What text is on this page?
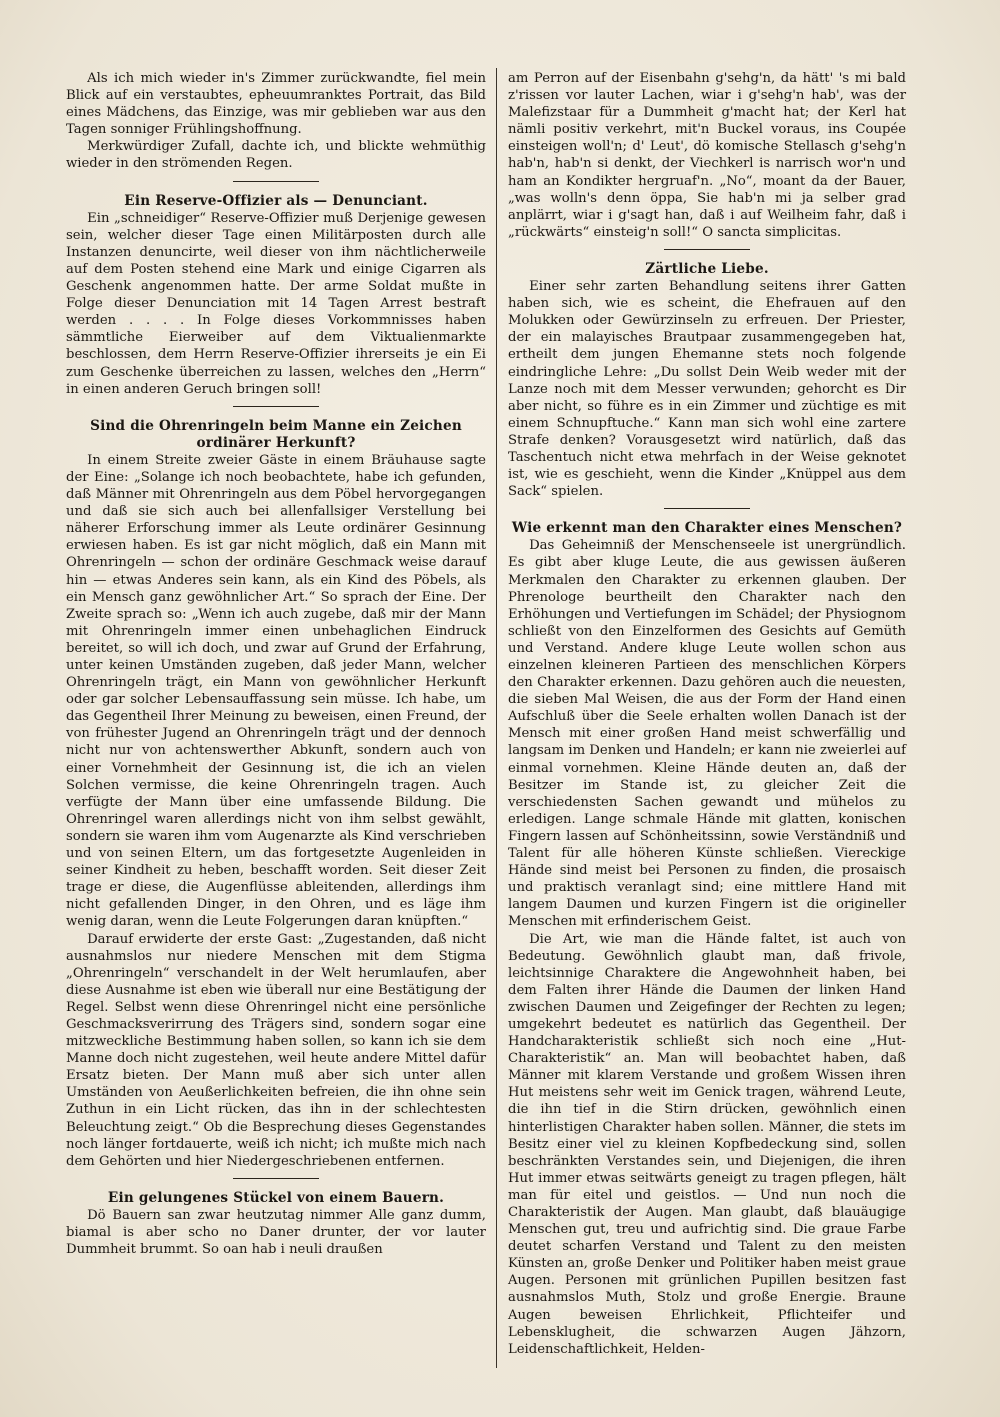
Als ich mich wieder in's Zimmer zurückwandte, fiel mein Blick auf ein verstaubtes, epheuumranktes Portrait, das Bild eines Mädchens, das Einzige, was mir geblieben war aus den Tagen sonniger Frühlingshoffnung.

Merkwürdiger Zufall, dachte ich, und blickte wehmüthig wieder in den strömenden Regen.

Ein Reserve-Offizier als — Denunciant.

Ein „schneidiger“ Reserve-Offizier muß Derjenige gewesen sein, welcher dieser Tage einen Militärposten durch alle Instanzen denuncirte, weil dieser von ihm nächtlicherweile auf dem Posten stehend eine Mark und einige Cigarren als Geschenk angenommen hatte. Der arme Soldat mußte in Folge dieser Denunciation mit 14 Tagen Arrest bestraft werden . . . . In Folge dieses Vorkommnisses haben sämmtliche Eierweiber auf dem Viktualienmarkte beschlossen, dem Herrn Reserve-Offizier ihrerseits je ein Ei zum Geschenke überreichen zu lassen, welches den „Herrn“ in einen anderen Geruch bringen soll!

Sind die Ohrenringeln beim Manne ein Zeichen
ordinärer Herkunft?

In einem Streite zweier Gäste in einem Bräuhause sagte der Eine: „Solange ich noch beobachtete, habe ich gefunden, daß Männer mit Ohrenringeln aus dem Pöbel hervorgegangen und daß sie sich auch bei allenfallsiger Verstellung bei näherer Erforschung immer als Leute ordinärer Gesinnung erwiesen haben. Es ist gar nicht möglich, daß ein Mann mit Ohrenringeln — schon der ordinäre Geschmack weise darauf hin — etwas Anderes sein kann, als ein Kind des Pöbels, als ein Mensch ganz gewöhnlicher Art.“ So sprach der Eine. Der Zweite sprach so: „Wenn ich auch zugebe, daß mir der Mann mit Ohrenringeln immer einen unbehaglichen Eindruck bereitet, so will ich doch, und zwar auf Grund der Erfahrung, unter keinen Umständen zugeben, daß jeder Mann, welcher Ohrenringeln trägt, ein Mann von gewöhnlicher Herkunft oder gar solcher Lebensauffassung sein müsse. Ich habe, um das Gegentheil Ihrer Meinung zu beweisen, einen Freund, der von frühester Jugend an Ohrenringeln trägt und der dennoch nicht nur von achtenswerther Abkunft, sondern auch von einer Vornehmheit der Gesinnung ist, die ich an vielen Solchen vermisse, die keine Ohrenringeln tragen. Auch verfügte der Mann über eine umfassende Bildung. Die Ohrenringel waren allerdings nicht von ihm selbst gewählt, sondern sie waren ihm vom Augenarzte als Kind verschrieben und von seinen Eltern, um das fortgesetzte Augenleiden in seiner Kindheit zu heben, beschafft worden. Seit dieser Zeit trage er diese, die Augenflüsse ableitenden, allerdings ihm nicht gefallenden Dinger, in den Ohren, und es läge ihm wenig daran, wenn die Leute Folgerungen daran knüpften.“

Darauf erwiderte der erste Gast: „Zugestanden, daß nicht ausnahmslos nur niedere Menschen mit dem Stigma „Ohrenringeln“ verschandelt in der Welt herumlaufen, aber diese Ausnahme ist eben wie überall nur eine Bestätigung der Regel. Selbst wenn diese Ohrenringel nicht eine persönliche Geschmacksverirrung des Trägers sind, sondern sogar eine mitzweckliche Bestimmung haben sollen, so kann ich sie dem Manne doch nicht zugestehen, weil heute andere Mittel dafür Ersatz bieten. Der Mann muß aber sich unter allen Umständen von Aeußerlichkeiten befreien, die ihn ohne sein Zuthun in ein Licht rücken, das ihn in der schlechtesten Beleuchtung zeigt.“ Ob die Besprechung dieses Gegenstandes noch länger fortdauerte, weiß ich nicht; ich mußte mich nach dem Gehörten und hier Niedergeschriebenen entfernen.

Ein gelungenes Stückel von einem Bauern.

Dö Bauern san zwar heutzutag nimmer Alle ganz dumm, biamal is aber scho no Daner drunter, der vor lauter Dummheit brummt. So oan hab i neuli draußen

am Perron auf der Eisenbahn g'sehg'n, da hätt' 's mi bald z'rissen vor lauter Lachen, wiar i g'sehg'n hab', was der Malefizstaar für a Dummheit g'macht hat; der Kerl hat nämli positiv verkehrt, mit'n Buckel voraus, ins Coupée einsteigen woll'n; d' Leut', dö komische Stellasch g'sehg'n hab'n, hab'n si denkt, der Viechkerl is narrisch wor'n und ham an Kondikter hergruaf'n. „No“, moant da der Bauer, „was wolln's denn öppa, Sie hab'n mi ja selber grad anplärrt, wiar i g'sagt han, daß i auf Weilheim fahr, daß i „rückwärts“ einsteig'n soll!“ O sancta simplicitas.

Zärtliche Liebe.

Einer sehr zarten Behandlung seitens ihrer Gatten haben sich, wie es scheint, die Ehefrauen auf den Molukken oder Gewürzinseln zu erfreuen. Der Priester, der ein malayisches Brautpaar zusammengegeben hat, ertheilt dem jungen Ehemanne stets noch folgende eindringliche Lehre: „Du sollst Dein Weib weder mit der Lanze noch mit dem Messer verwunden; gehorcht es Dir aber nicht, so führe es in ein Zimmer und züchtige es mit einem Schnupftuche.“ Kann man sich wohl eine zartere Strafe denken? Vorausgesetzt wird natürlich, daß das Taschentuch nicht etwa mehrfach in der Weise geknotet ist, wie es geschieht, wenn die Kinder „Knüppel aus dem Sack“ spielen.

Wie erkennt man den Charakter eines Menschen?

Das Geheimniß der Menschenseele ist unergründlich. Es gibt aber kluge Leute, die aus gewissen äußeren Merkmalen den Charakter zu erkennen glauben. Der Phrenologe beurtheilt den Charakter nach den Erhöhungen und Vertiefungen im Schädel; der Physiognom schließt von den Einzelformen des Gesichts auf Gemüth und Verstand. Andere kluge Leute wollen schon aus einzelnen kleineren Partieen des menschlichen Körpers den Charakter erkennen. Dazu gehören auch die neuesten, die sieben Mal Weisen, die aus der Form der Hand einen Aufschluß über die Seele erhalten wollen Danach ist der Mensch mit einer großen Hand meist schwerfällig und langsam im Denken und Handeln; er kann nie zweierlei auf einmal vornehmen. Kleine Hände deuten an, daß der Besitzer im Stande ist, zu gleicher Zeit die verschiedensten Sachen gewandt und mühelos zu erledigen. Lange schmale Hände mit glatten, konischen Fingern lassen auf Schönheitssinn, sowie Verständniß und Talent für alle höheren Künste schließen. Viereckige Hände sind meist bei Personen zu finden, die prosaisch und praktisch veranlagt sind; eine mittlere Hand mit langem Daumen und kurzen Fingern ist die origineller Menschen mit erfinderischem Geist.

Die Art, wie man die Hände faltet, ist auch von Bedeutung. Gewöhnlich glaubt man, daß frivole, leichtsinnige Charaktere die Angewohnheit haben, bei dem Falten ihrer Hände die Daumen der linken Hand zwischen Daumen und Zeigefinger der Rechten zu legen; umgekehrt bedeutet es natürlich das Gegentheil. Der Handcharakteristik schließt sich noch eine „Hut-Charakteristik“ an. Man will beobachtet haben, daß Männer mit klarem Verstande und großem Wissen ihren Hut meistens sehr weit im Genick tragen, während Leute, die ihn tief in die Stirn drücken, gewöhnlich einen hinterlistigen Charakter haben sollen. Männer, die stets im Besitz einer viel zu kleinen Kopfbedeckung sind, sollen beschränkten Verstandes sein, und Diejenigen, die ihren Hut immer etwas seitwärts geneigt zu tragen pflegen, hält man für eitel und geistlos. — Und nun noch die Charakteristik der Augen. Man glaubt, daß blauäugige Menschen gut, treu und aufrichtig sind. Die graue Farbe deutet scharfen Verstand und Talent zu den meisten Künsten an, große Denker und Politiker haben meist graue Augen. Personen mit grünlichen Pupillen besitzen fast ausnahmslos Muth, Stolz und große Energie. Braune Augen beweisen Ehrlichkeit, Pflichteifer und Lebensklugheit, die schwarzen Augen Jähzorn, Leidenschaftlichkeit, Helden-
